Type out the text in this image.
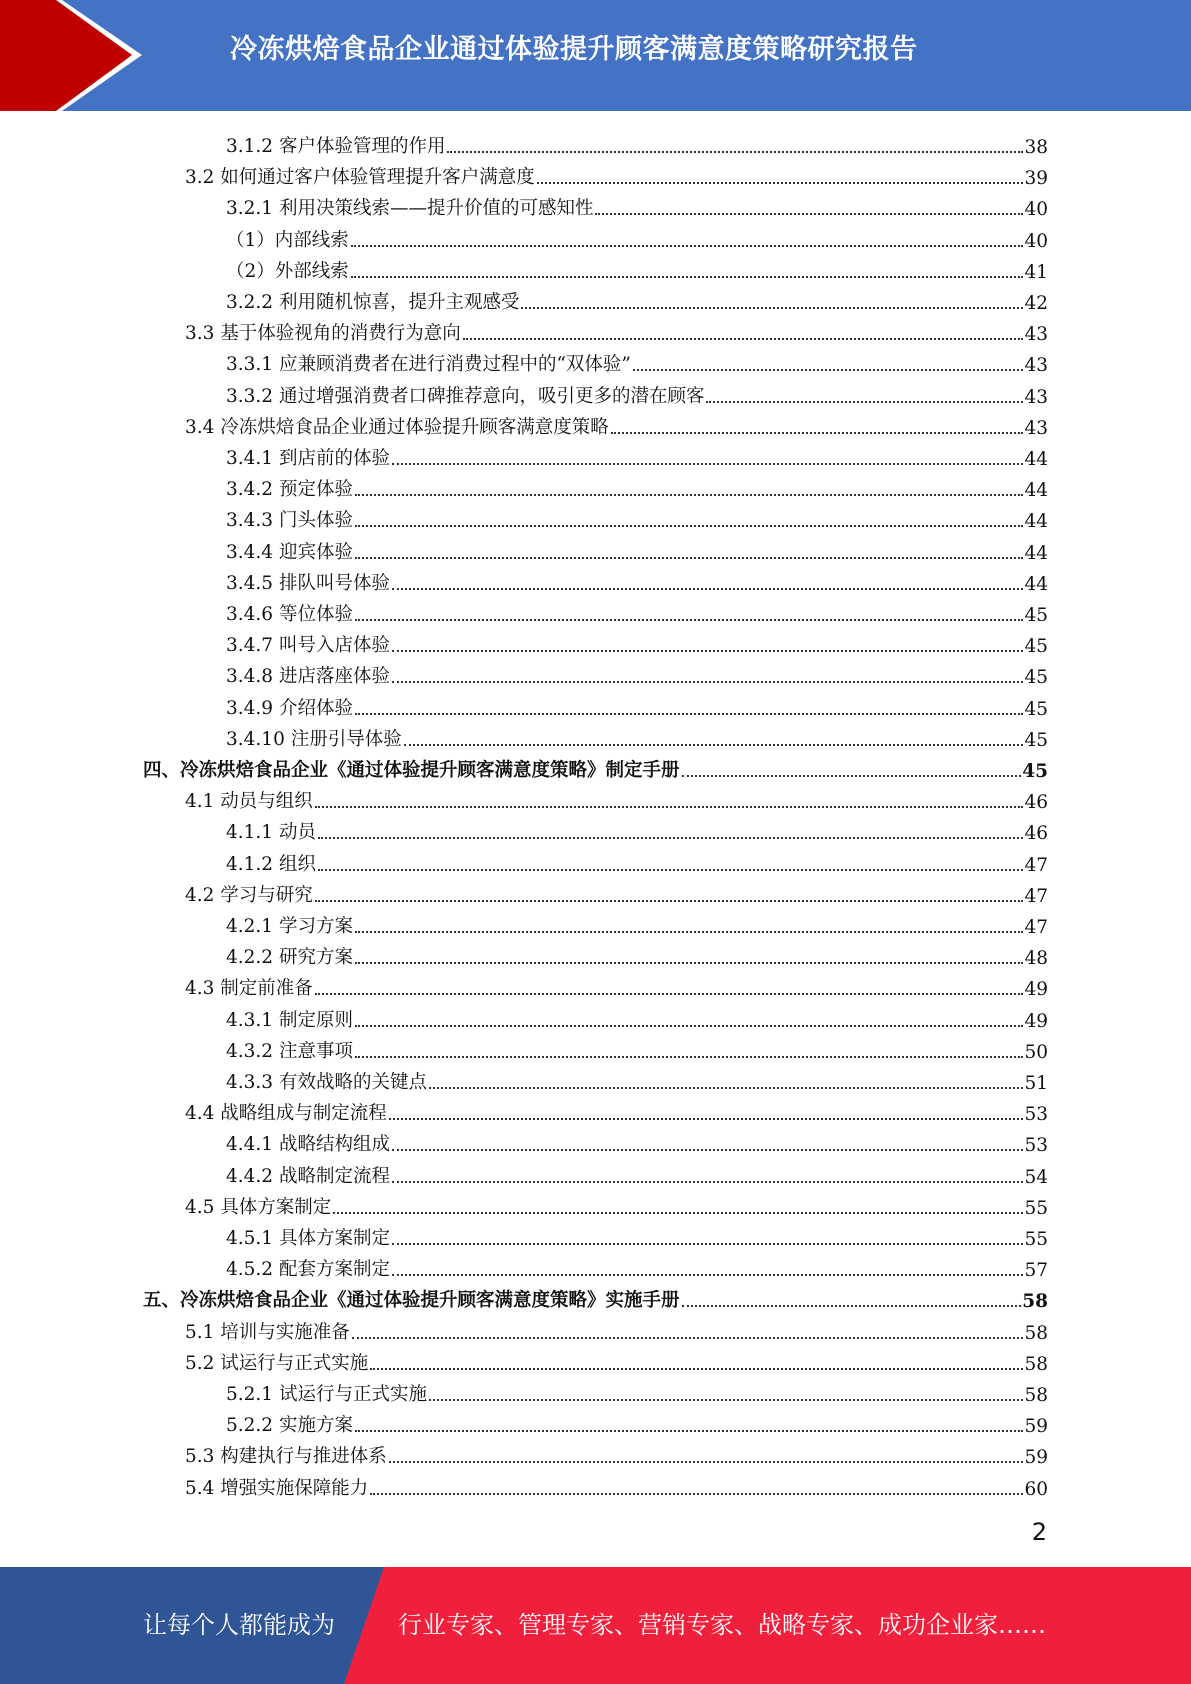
冷冻烘焙食品企业通过体验提升顾客满意度策略研究报告
3.1.2 客户体验管理的作用	38
3.2 如何通过客户体验管理提升客户满意度	39
3.2.1 利用决策线索——提升价值的可感知性	40
（1）内部线索	40
（2）外部线索	41
3.2.2 利用随机惊喜，提升主观感受	42
3.3 基于体验视角的消费行为意向	43
3.3.1 应兼顾消费者在进行消费过程中的“双体验”	43
3.3.2 通过增强消费者口碑推荐意向，吸引更多的潜在顾客	43
3.4 冷冻烘焙食品企业通过体验提升顾客满意度策略	43
3.4.1 到店前的体验	44
3.4.2 预定体验	44
3.4.3 门头体验	44
3.4.4 迎宾体验	44
3.4.5 排队叫号体验	44
3.4.6 等位体验	45
3.4.7 叫号入店体验	45
3.4.8 进店落座体验	45
3.4.9 介绍体验	45
3.4.10 注册引导体验	45
四、冷冻烘焙食品企业《通过体验提升顾客满意度策略》制定手册	45
4.1 动员与组织	46
4.1.1 动员	46
4.1.2 组织	47
4.2 学习与研究	47
4.2.1 学习方案	47
4.2.2 研究方案	48
4.3 制定前准备	49
4.3.1 制定原则	49
4.3.2 注意事项	50
4.3.3 有效战略的关键点	51
4.4 战略组成与制定流程	53
4.4.1 战略结构组成	53
4.4.2 战略制定流程	54
4.5 具体方案制定	55
4.5.1 具体方案制定	55
4.5.2 配套方案制定	57
五、冷冻烘焙食品企业《通过体验提升顾客满意度策略》实施手册	58
5.1 培训与实施准备	58
5.2 试运行与正式实施	58
5.2.1 试运行与正式实施	58
5.2.2 实施方案	59
5.3 构建执行与推进体系	59
5.4 增强实施保障能力	60
2
让每个人都能成为	行业专家、管理专家、营销专家、战略专家、成功企业家……
